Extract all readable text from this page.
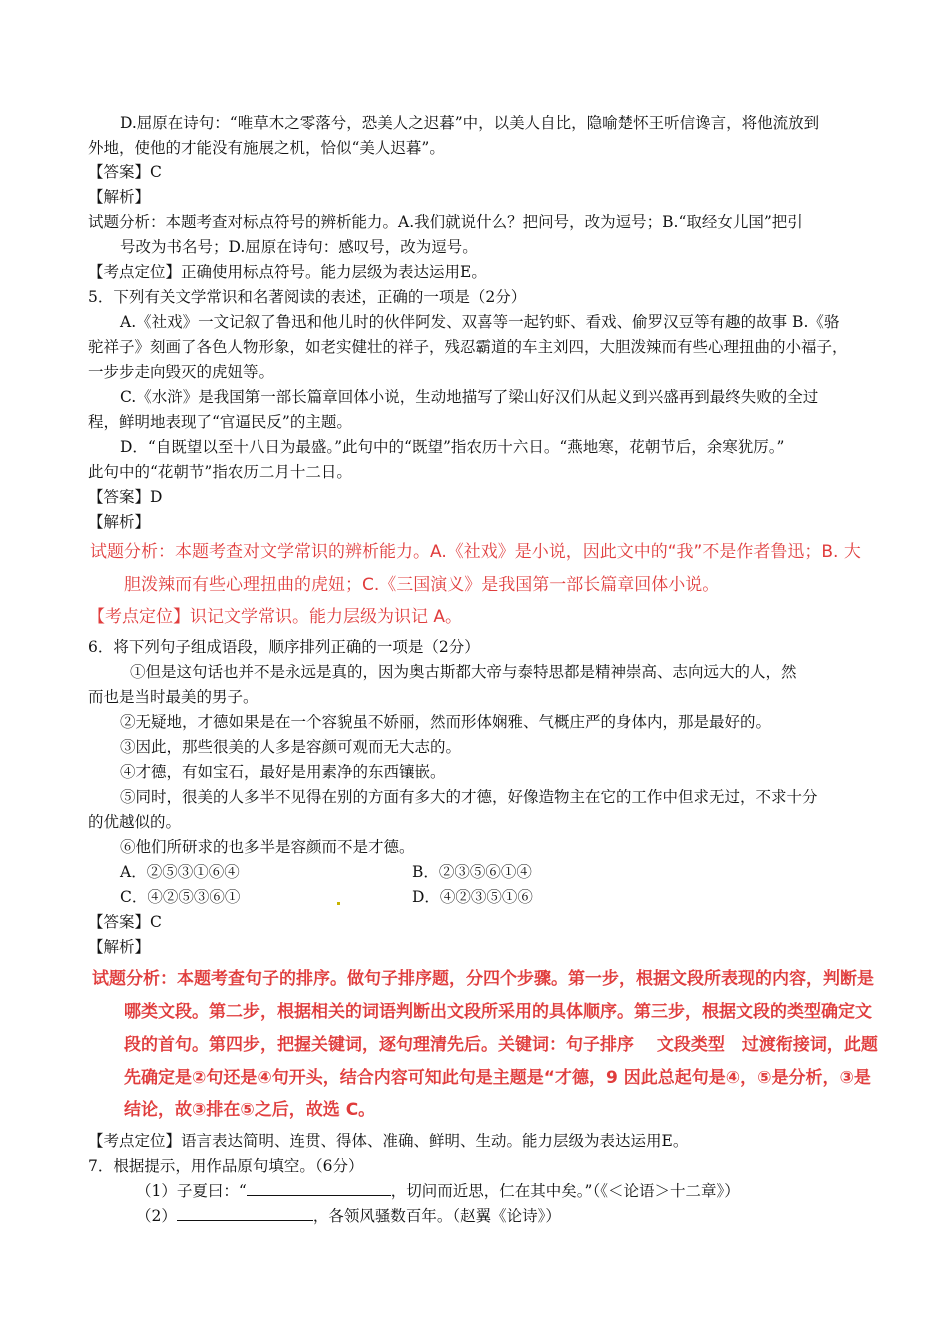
D.屈原在诗句：“唯草木之零落兮，恐美人之迟暮”中，以美人自比，隐喻楚怀王听信谗言，将他流放到
外地，使他的才能没有施展之机，恰似“美人迟暮”。
【答案】C
【解析】
试题分析：本题考查对标点符号的辨析能力。A.我们就说什么？把问号，改为逗号；B.“取经女儿国”把引
号改为书名号；D.屈原在诗句：感叹号，改为逗号。
【考点定位】正确使用标点符号。能力层级为表达运用E。
5．下列有关文学常识和名著阅读的表述，正确的一项是（2分）
A.《社戏》一文记叙了鲁迅和他儿时的伙伴阿发、双喜等一起钓虾、看戏、偷罗汉豆等有趣的故事 B.《骆
驼祥子》刻画了各色人物形象，如老实健壮的祥子，残忍霸道的车主刘四，大胆泼辣而有些心理扭曲的小福子，
一步步走向毁灭的虎妞等。
C.《水浒》是我国第一部长篇章回体小说，生动地描写了梁山好汉们从起义到兴盛再到最终失败的全过
程，鲜明地表现了“官逼民反”的主题。
D．“自既望以至十八日为最盛。”此句中的“既望”指农历十六日。“燕地寒，花朝节后，余寒犹厉。”
此句中的“花朝节”指农历二月十二日。
【答案】D
【解析】
试题分析：本题考查对文学常识的辨析能力。A.《社戏》是小说，因此文中的“我”不是作者鲁迅；B. 大
胆泼辣而有些心理扭曲的虎妞；C.《三国演义》是我国第一部长篇章回体小说。
【考点定位】识记文学常识。能力层级为识记 A。
6．将下列句子组成语段，顺序排列正确的一项是（2分）
①但是这句话也并不是永远是真的，因为奥古斯都大帝与泰特思都是精神崇高、志向远大的人，然
而也是当时最美的男子。
②无疑地，才德如果是在一个容貌虽不娇丽，然而形体娴雅、气概庄严的身体内，那是最好的。
③因此，那些很美的人多是容颜可观而无大志的。
④才德，有如宝石，最好是用素净的东西镶嵌。
⑤同时，很美的人多半不见得在别的方面有多大的才德，好像造物主在它的工作中但求无过，不求十分
的优越似的。
⑥他们所研求的也多半是容颜而不是才德。
A．②⑤③①⑥④	B．②③⑤⑥①④
C．④②⑤③⑥①	D．④②③⑤①⑥
【答案】C
【解析】
试题分析：本题考查句子的排序。做句子排序题，分四个步骤。第一步，根据文段所表现的内容，判断是
哪类文段。第二步，根据相关的词语判断出文段所采用的具体顺序。第三步，根据文段的类型确定文
段的首句。第四步，把握关键词，逐句理清先后。关键词：句子排序　 文段类型　过渡衔接词，此题
先确定是②句还是④句开头，结合内容可知此句是主题是“才德，9 因此总起句是④，⑤是分析，③是
结论，故③排在⑤之后，故选 C。
【考点定位】语言表达简明、连贯、得体、准确、鲜明、生动。能力层级为表达运用E。
7．根据提示，用作品原句填空。（6分）
（1）子夏曰：“	，切问而近思，仁在其中矣。”（《＜论语＞十二章》）
（2）	，各领风骚数百年。（赵翼《论诗》）
